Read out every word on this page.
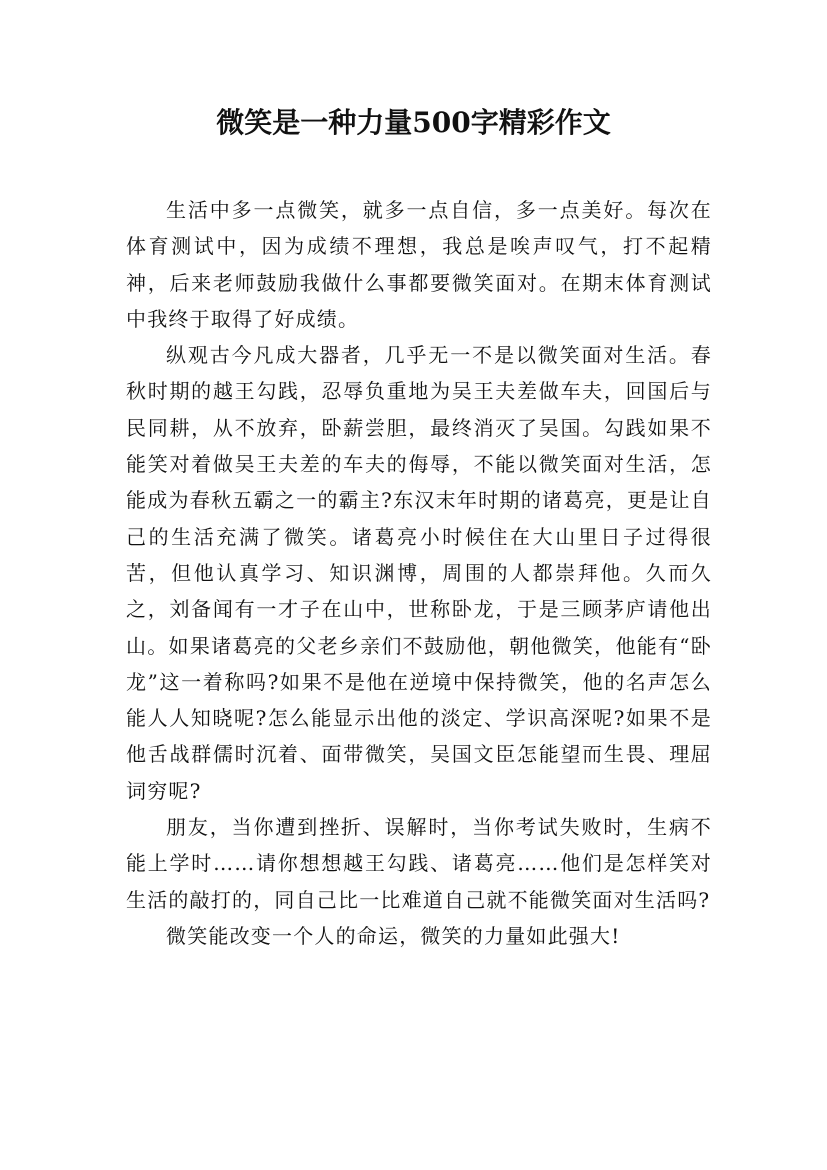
微笑是一种力量500字精彩作文

生活中多一点微笑，就多一点自信，多一点美好。每次在体育测试中，因为成绩不理想，我总是唉声叹气，打不起精神，后来老师鼓励我做什么事都要微笑面对。在期末体育测试中我终于取得了好成绩。

纵观古今凡成大器者，几乎无一不是以微笑面对生活。春秋时期的越王勾践，忍辱负重地为吴王夫差做车夫，回国后与民同耕，从不放弃，卧薪尝胆，最终消灭了吴国。勾践如果不能笑对着做吴王夫差的车夫的侮辱，不能以微笑面对生活，怎能成为春秋五霸之一的霸主?东汉末年时期的诸葛亮，更是让自己的生活充满了微笑。诸葛亮小时候住在大山里日子过得很苦，但他认真学习、知识渊博，周围的人都崇拜他。久而久之，刘备闻有一才子在山中，世称卧龙，于是三顾茅庐请他出山。如果诸葛亮的父老乡亲们不鼓励他，朝他微笑，他能有“卧龙”这一着称吗?如果不是他在逆境中保持微笑，他的名声怎么能人人知晓呢?怎么能显示出他的淡定、学识高深呢?如果不是他舌战群儒时沉着、面带微笑，吴国文臣怎能望而生畏、理屈词穷呢?

朋友，当你遭到挫折、误解时，当你考试失败时，生病不能上学时……请你想想越王勾践、诸葛亮……他们是怎样笑对生活的敲打的，同自己比一比难道自己就不能微笑面对生活吗?

微笑能改变一个人的命运，微笑的力量如此强大!
